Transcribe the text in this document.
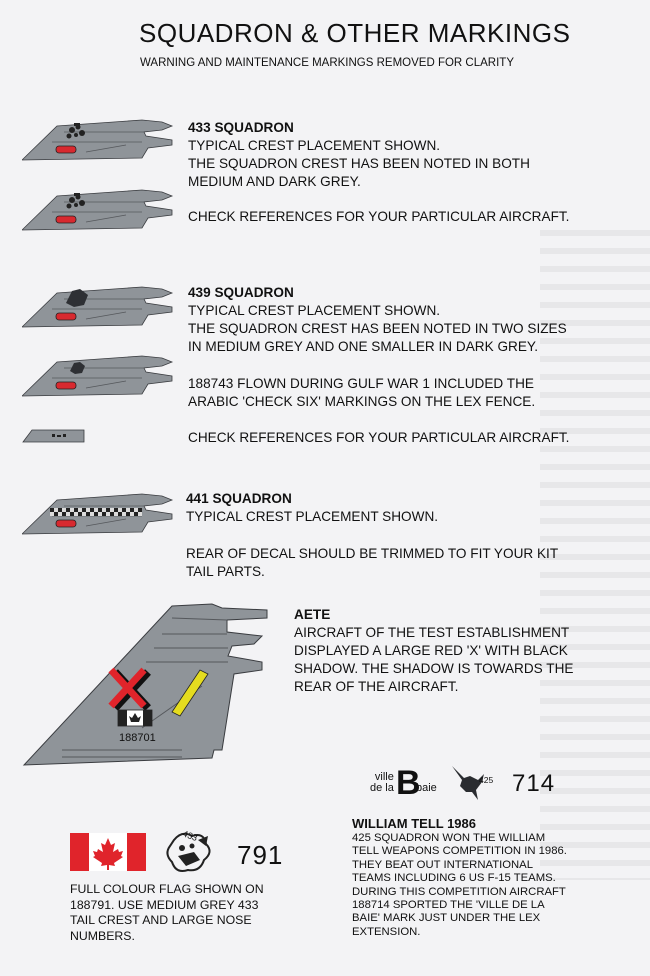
SQUADRON & OTHER MARKINGS
WARNING AND MAINTENANCE MARKINGS REMOVED FOR CLARITY
433 SQUADRON
TYPICAL CREST PLACEMENT SHOWN.
THE SQUADRON CREST HAS BEEN NOTED IN BOTH
MEDIUM AND DARK GREY.
CHECK REFERENCES FOR YOUR PARTICULAR AIRCRAFT.
439 SQUADRON
TYPICAL CREST PLACEMENT SHOWN.
THE SQUADRON CREST HAS BEEN NOTED IN TWO SIZES
IN MEDIUM GREY AND ONE SMALLER IN DARK GREY.
188743 FLOWN DURING GULF WAR 1 INCLUDED THE
ARABIC 'CHECK SIX' MARKINGS ON THE LEX FENCE.
CHECK REFERENCES FOR YOUR PARTICULAR AIRCRAFT.
441 SQUADRON
TYPICAL CREST PLACEMENT SHOWN.
REAR OF DECAL SHOULD BE TRIMMED TO FIT YOUR KIT
TAIL PARTS.
188701
AETE
AIRCRAFT OF THE TEST ESTABLISHMENT
DISPLAYED A LARGE RED 'X' WITH BLACK
SHADOW. THE SHADOW IS TOWARDS THE
REAR OF THE AIRCRAFT.
ville
de la B
baie
425 714
WILLIAM TELL 1986
425 SQUADRON WON THE WILLIAM
TELL WEAPONS COMPETITION IN 1986.
THEY BEAT OUT INTERNATIONAL
TEAMS INCLUDING 6 US F-15 TEAMS.
DURING THIS COMPETITION AIRCRAFT
188714 SPORTED THE 'VILLE DE LA
BAIE' MARK JUST UNDER THE LEX
EXTENSION.
433
791
FULL COLOUR FLAG SHOWN ON
188791. USE MEDIUM GREY 433
TAIL CREST AND LARGE NOSE
NUMBERS.
